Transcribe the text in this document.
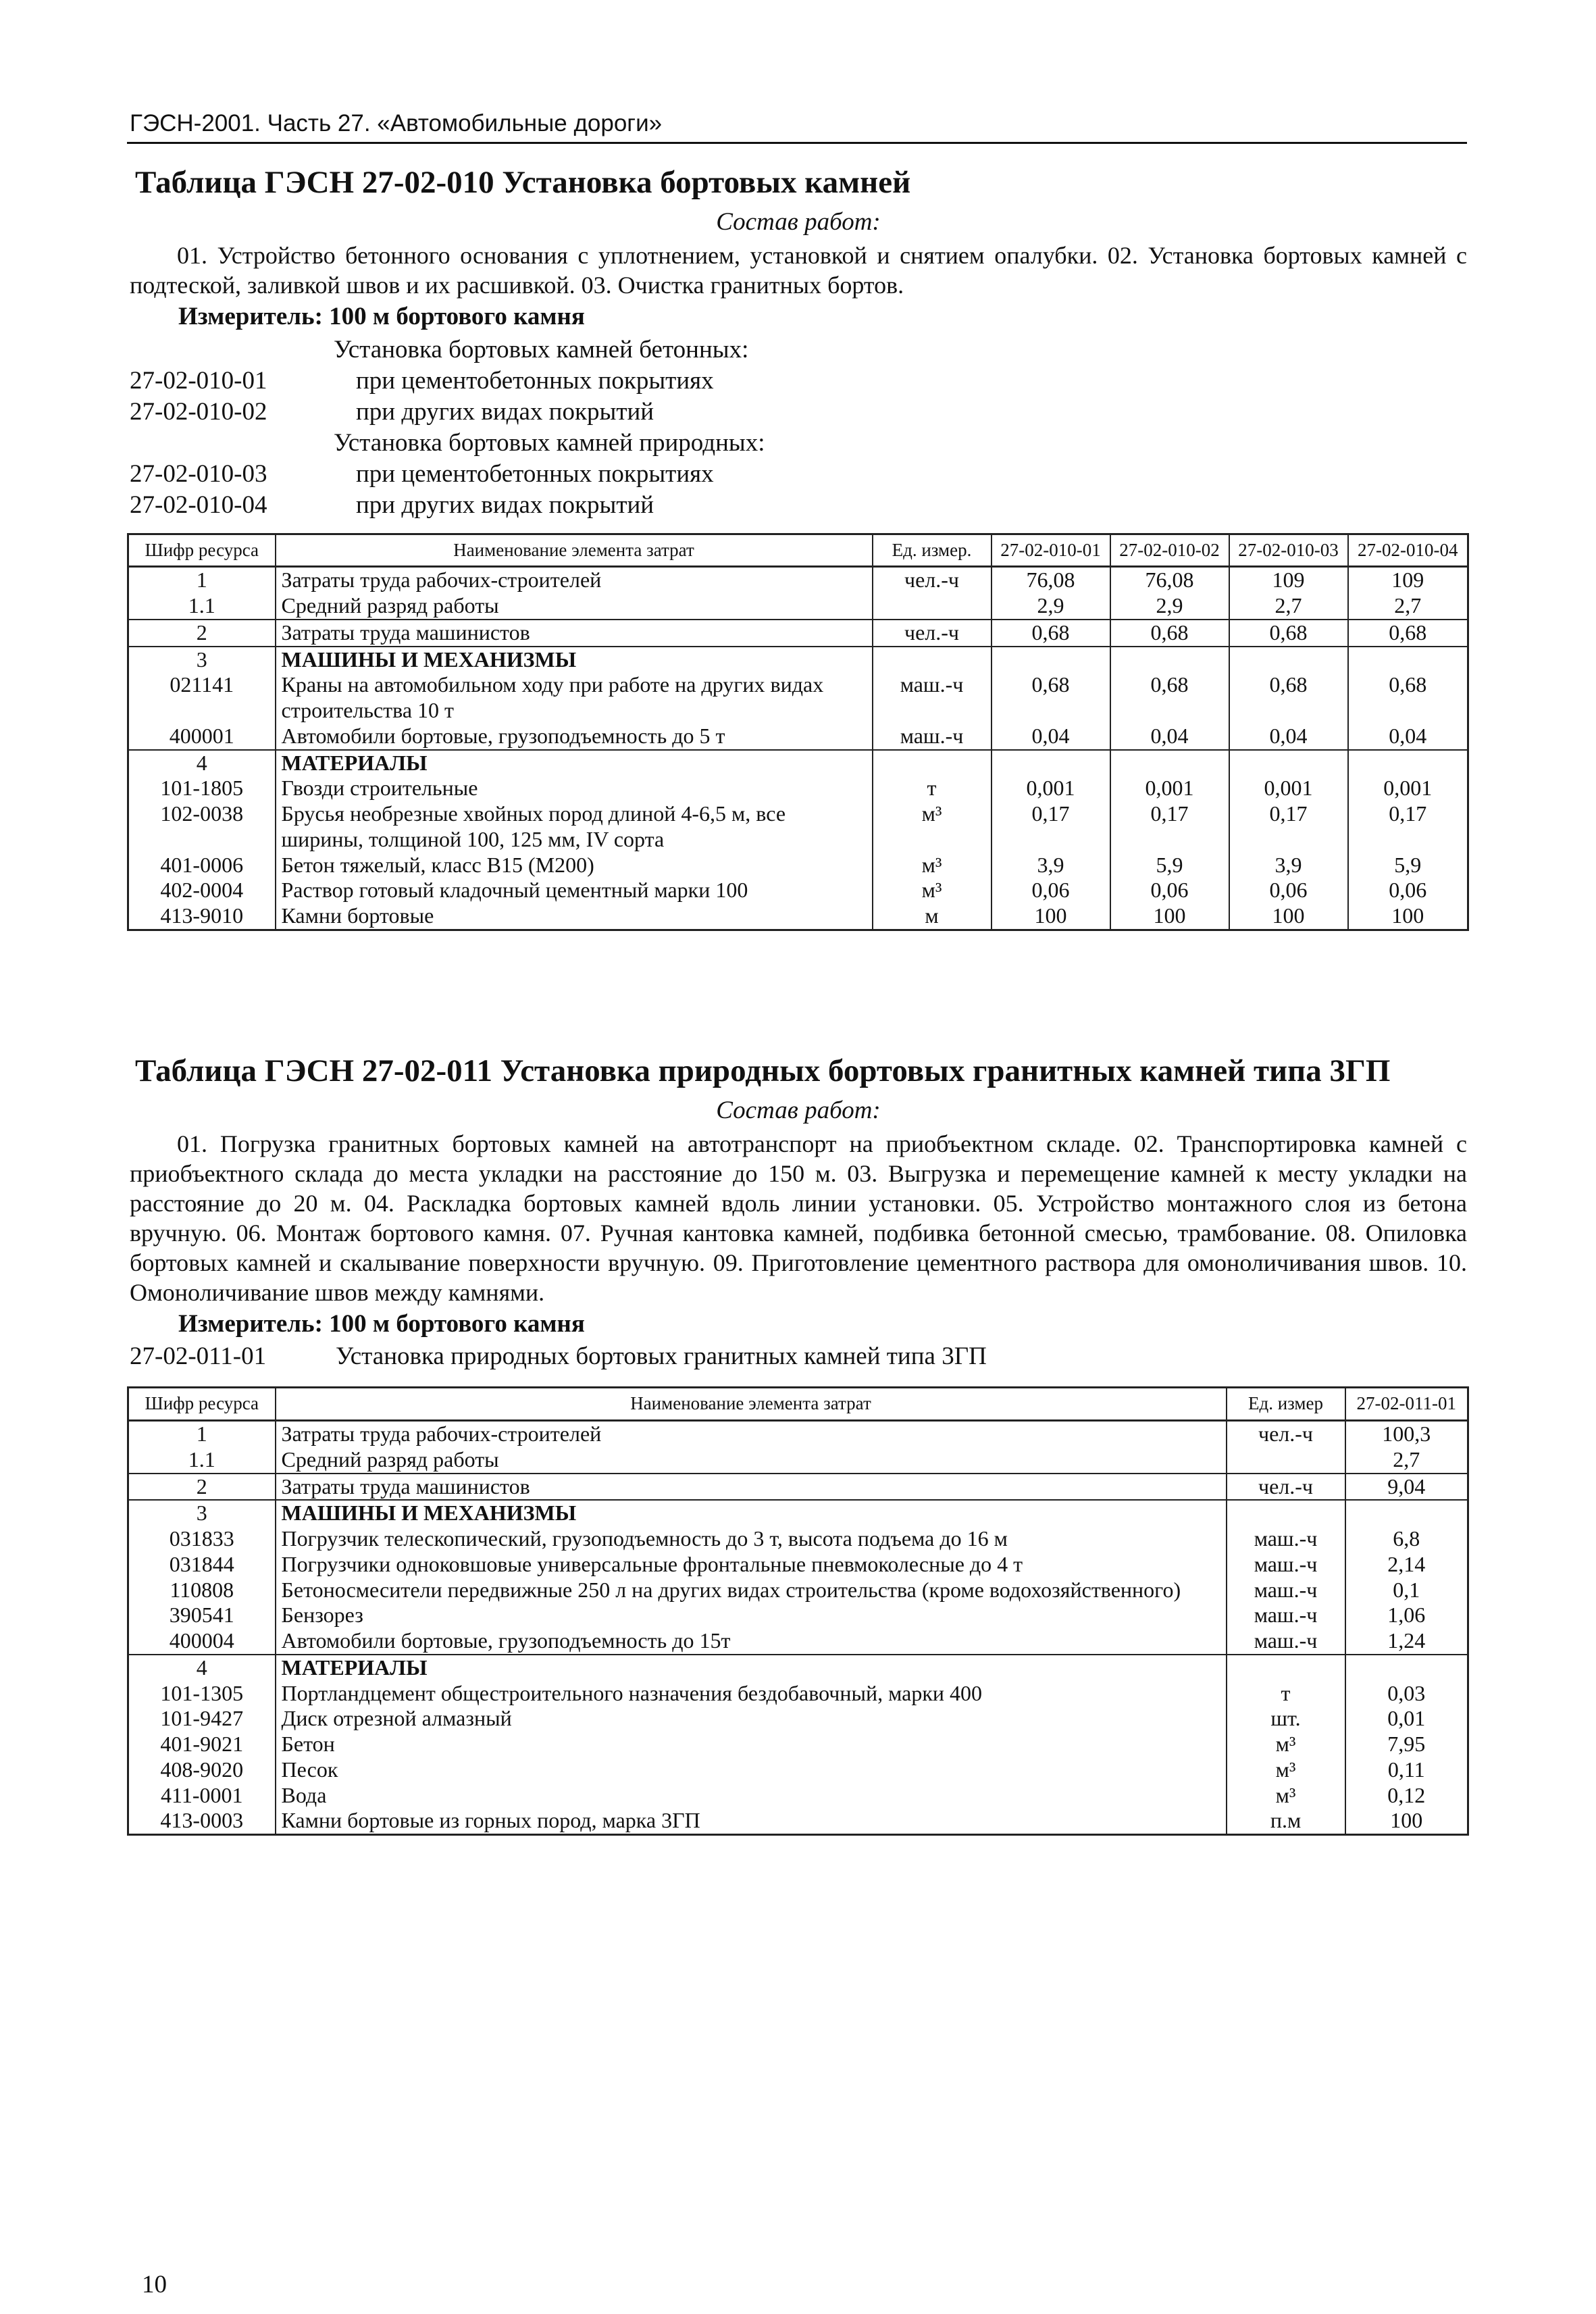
ГЭСН-2001. Часть 27. «Автомобильные дороги»
Таблица ГЭСН 27-02-010 Установка бортовых камней
Состав работ:

01. Устройство бетонного основания с уплотнением, установкой и снятием опалубки. 02. Установка бортовых камней с подтеской, заливкой швов и их расшивкой. 03. Очистка гранитных бортов.

Измеритель: 100 м бортового камня
Установка бортовых камней бетонных:
27-02-010-01	при цементобетонных покрытиях
27-02-010-02	при других видах покрытий
Установка бортовых камней природных:
27-02-010-03	при цементобетонных покрытиях
27-02-010-04	при других видах покрытий
Шифр ресурса	Наименование элемента затрат	Ед. измер.	27-02-010-01	27-02-010-02	27-02-010-03	27-02-010-04
1	Затраты труда рабочих-строителей	чел.-ч	76,08	76,08	109	109
1.1	Средний разряд работы		2,9	2,9	2,7	2,7
2	Затраты труда машинистов	чел.-ч	0,68	0,68	0,68	0,68
3	МАШИНЫ И МЕХАНИЗМЫ					
021141	Краны на автомобильном ходу при работе на других видах строительства 10 т	маш.-ч	0,68	0,68	0,68	0,68
400001	Автомобили бортовые, грузоподъемность до 5 т	маш.-ч	0,04	0,04	0,04	0,04
4	МАТЕРИАЛЫ					
101-1805	Гвозди строительные	т	0,001	0,001	0,001	0,001
102-0038	Брусья необрезные хвойных пород длиной 4-6,5 м, все ширины, толщиной 100, 125 мм, IV сорта	м³	0,17	0,17	0,17	0,17
401-0006	Бетон тяжелый, класс В15 (М200)	м³	3,9	5,9	3,9	5,9
402-0004	Раствор готовый кладочный цементный марки 100	м³	0,06	0,06	0,06	0,06
413-9010	Камни бортовые	м	100	100	100	100
Таблица ГЭСН 27-02-011 Установка природных бортовых гранитных камней типа 3ГП
Состав работ:

01. Погрузка гранитных бортовых камней на автотранспорт на приобъектном складе. 02. Транспортировка камней с приобъектного склада до места укладки на расстояние до 150 м. 03. Выгрузка и перемещение камней к месту укладки на расстояние до 20 м. 04. Раскладка бортовых камней вдоль линии установки. 05. Устройство монтажного слоя из бетона вручную. 06. Монтаж бортового камня. 07. Ручная кантовка камней, подбивка бетонной смесью, трамбование. 08. Опиловка бортовых камней и скалывание поверхности вручную. 09. Приготовление цементного раствора для омоноличивания швов. 10. Омоноличивание швов между камнями.

Измеритель: 100 м бортового камня
27-02-011-01	Установка природных бортовых гранитных камней типа 3ГП
Шифр ресурса	Наименование элемента затрат	Ед. измер	27-02-011-01
1	Затраты труда рабочих-строителей	чел.-ч	100,3
1.1	Средний разряд работы		2,7
2	Затраты труда машинистов	чел.-ч	9,04
3	МАШИНЫ И МЕХАНИЗМЫ		
031833	Погрузчик телескопический, грузоподъемность до 3 т, высота подъема до 16 м	маш.-ч	6,8
031844	Погрузчики одноковшовые универсальные фронтальные пневмоколесные до 4 т	маш.-ч	2,14
110808	Бетоносмесители передвижные 250 л на других видах строительства (кроме водохозяйственного)	маш.-ч	0,1
390541	Бензорез	маш.-ч	1,06
400004	Автомобили бортовые, грузоподъемность до 15т	маш.-ч	1,24
4	МАТЕРИАЛЫ		
101-1305	Портландцемент общестроительного назначения бездобавочный, марки 400	т	0,03
101-9427	Диск отрезной алмазный	шт.	0,01
401-9021	Бетон	м³	7,95
408-9020	Песок	м³	0,11
411-0001	Вода	м³	0,12
413-0003	Камни бортовые из горных пород, марка 3ГП	п.м	100
10
